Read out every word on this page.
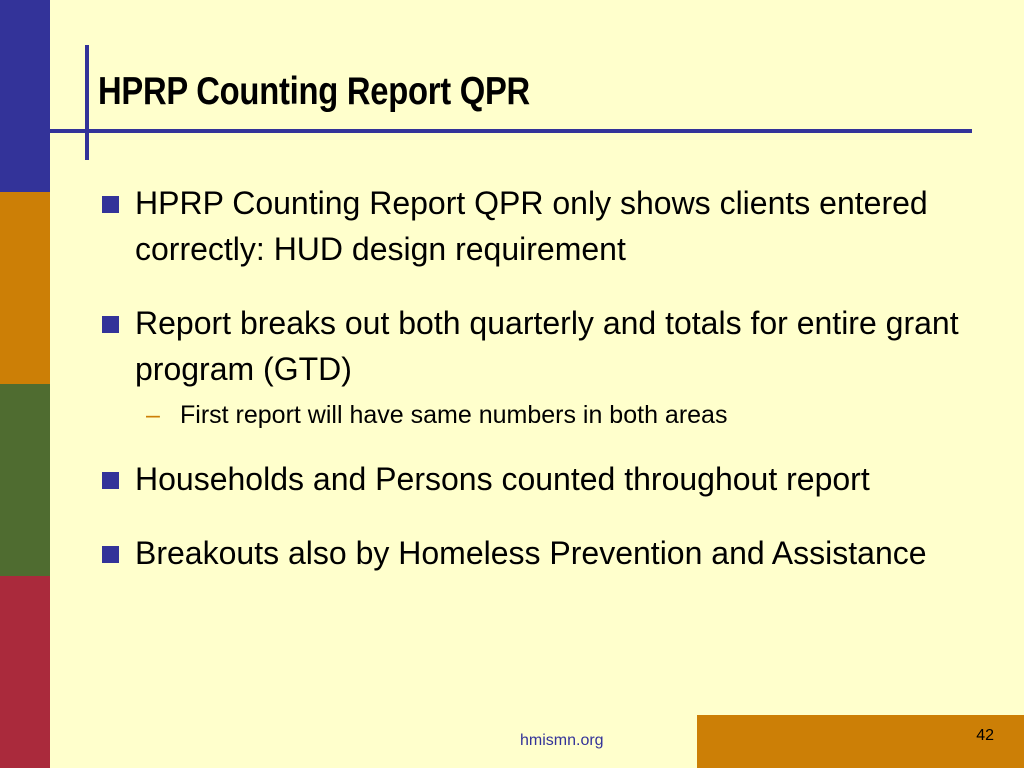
HPRP Counting Report QPR
HPRP Counting Report QPR only shows clients entered correctly: HUD design requirement
Report breaks out both quarterly and totals for entire grant program (GTD)
– First report will have same numbers in both areas
Households and Persons counted throughout report
Breakouts also by Homeless Prevention and Assistance
hmismn.org	42
